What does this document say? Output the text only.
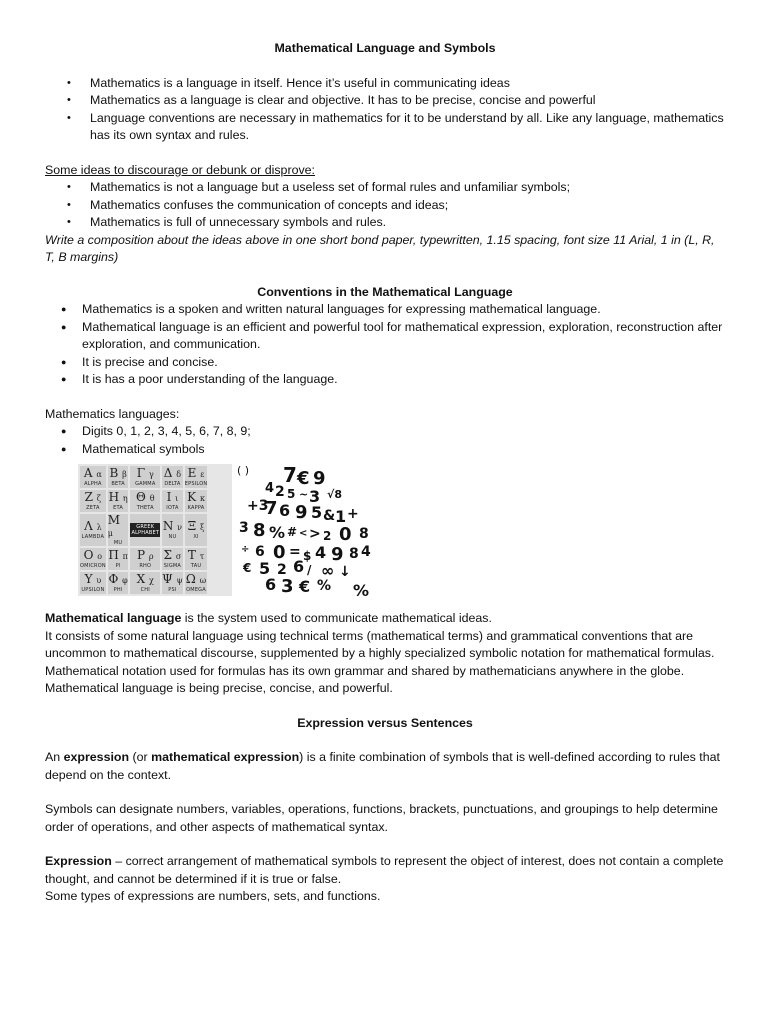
Mathematical Language and Symbols

• Mathematics is a language in itself. Hence it’s useful in communicating ideas
• Mathematics as a language is clear and objective. It has to be precise, concise and powerful
• Language conventions are necessary in mathematics for it to be understand by all. Like any language, mathematics has its own syntax and rules.

Some ideas to discourage or debunk or disprove:

• Mathematics is not a language but a useless set of formal rules and unfamiliar symbols;
• Mathematics confuses the communication of concepts and ideas;
• Mathematics is full of unnecessary symbols and rules.

Write a composition about the ideas above in one short bond paper, typewritten, 1.15 spacing, font size 11 Arial, 1 in (L, R, T, B margins)

Conventions in the Mathematical Language

● Mathematics is a spoken and written natural languages for expressing mathematical language.
● Mathematical language is an efficient and powerful tool for mathematical expression, exploration, reconstruction after exploration, and communication.
● It is precise and concise.
● It is has a poor understanding of the language.

Mathematics languages:

● Digits 0, 1, 2, 3, 4, 5, 6, 7, 8, 9;
● Mathematical symbols
Α α
ALPHA
Β β
BETA
Γ γ
GAMMA
Δ δ
DELTA
Ε ε
EPSILON
Ζ ζ
ZETA
Η η
ETA
Θ θ
THETA
Ι ι
IOTA
Κ κ
KAPPA
Λ λ
LAMBDA
Μ μ
MU
GREEK ALPHABET Ν ν
NU
Ξ ξ
XI
Ο ο
OMICRON
Π π
PI
Ρ ρ
RHO
Σ σ
SIGMA
Τ τ
TAU
Υ υ
UPSILON
Φ φ
PHI
Χ χ
CHI
Ψ ψ
PSI
Ω ω
OMEGA
( ) 7 € 9
4 2 5 ~ 3 √8
+3
7 6 9 5 & 1 +
3 8 % # < > 2 0 8
÷ 6 0 = $ 4 9 8 4
€ 5 2 6 / ∞ ↓
6 3 € % %

Mathematical language is the system used to communicate mathematical ideas.

It consists of some natural language using technical terms (mathematical terms) and grammatical conventions that are uncommon to mathematical discourse, supplemented by a highly specialized symbolic notation for mathematical formulas.

Mathematical notation used for formulas has its own grammar and shared by mathematicians anywhere in the globe.

Mathematical language is being precise, concise, and powerful.

Expression versus Sentences

An expression (or mathematical expression) is a finite combination of symbols that is well-defined according to rules that depend on the context.

Symbols can designate numbers, variables, operations, functions, brackets, punctuations, and groupings to help determine order of operations, and other aspects of mathematical syntax.

Expression – correct arrangement of mathematical symbols to represent the object of interest, does not contain a complete thought, and cannot be determined if it is true or false.

Some types of expressions are numbers, sets, and functions.
